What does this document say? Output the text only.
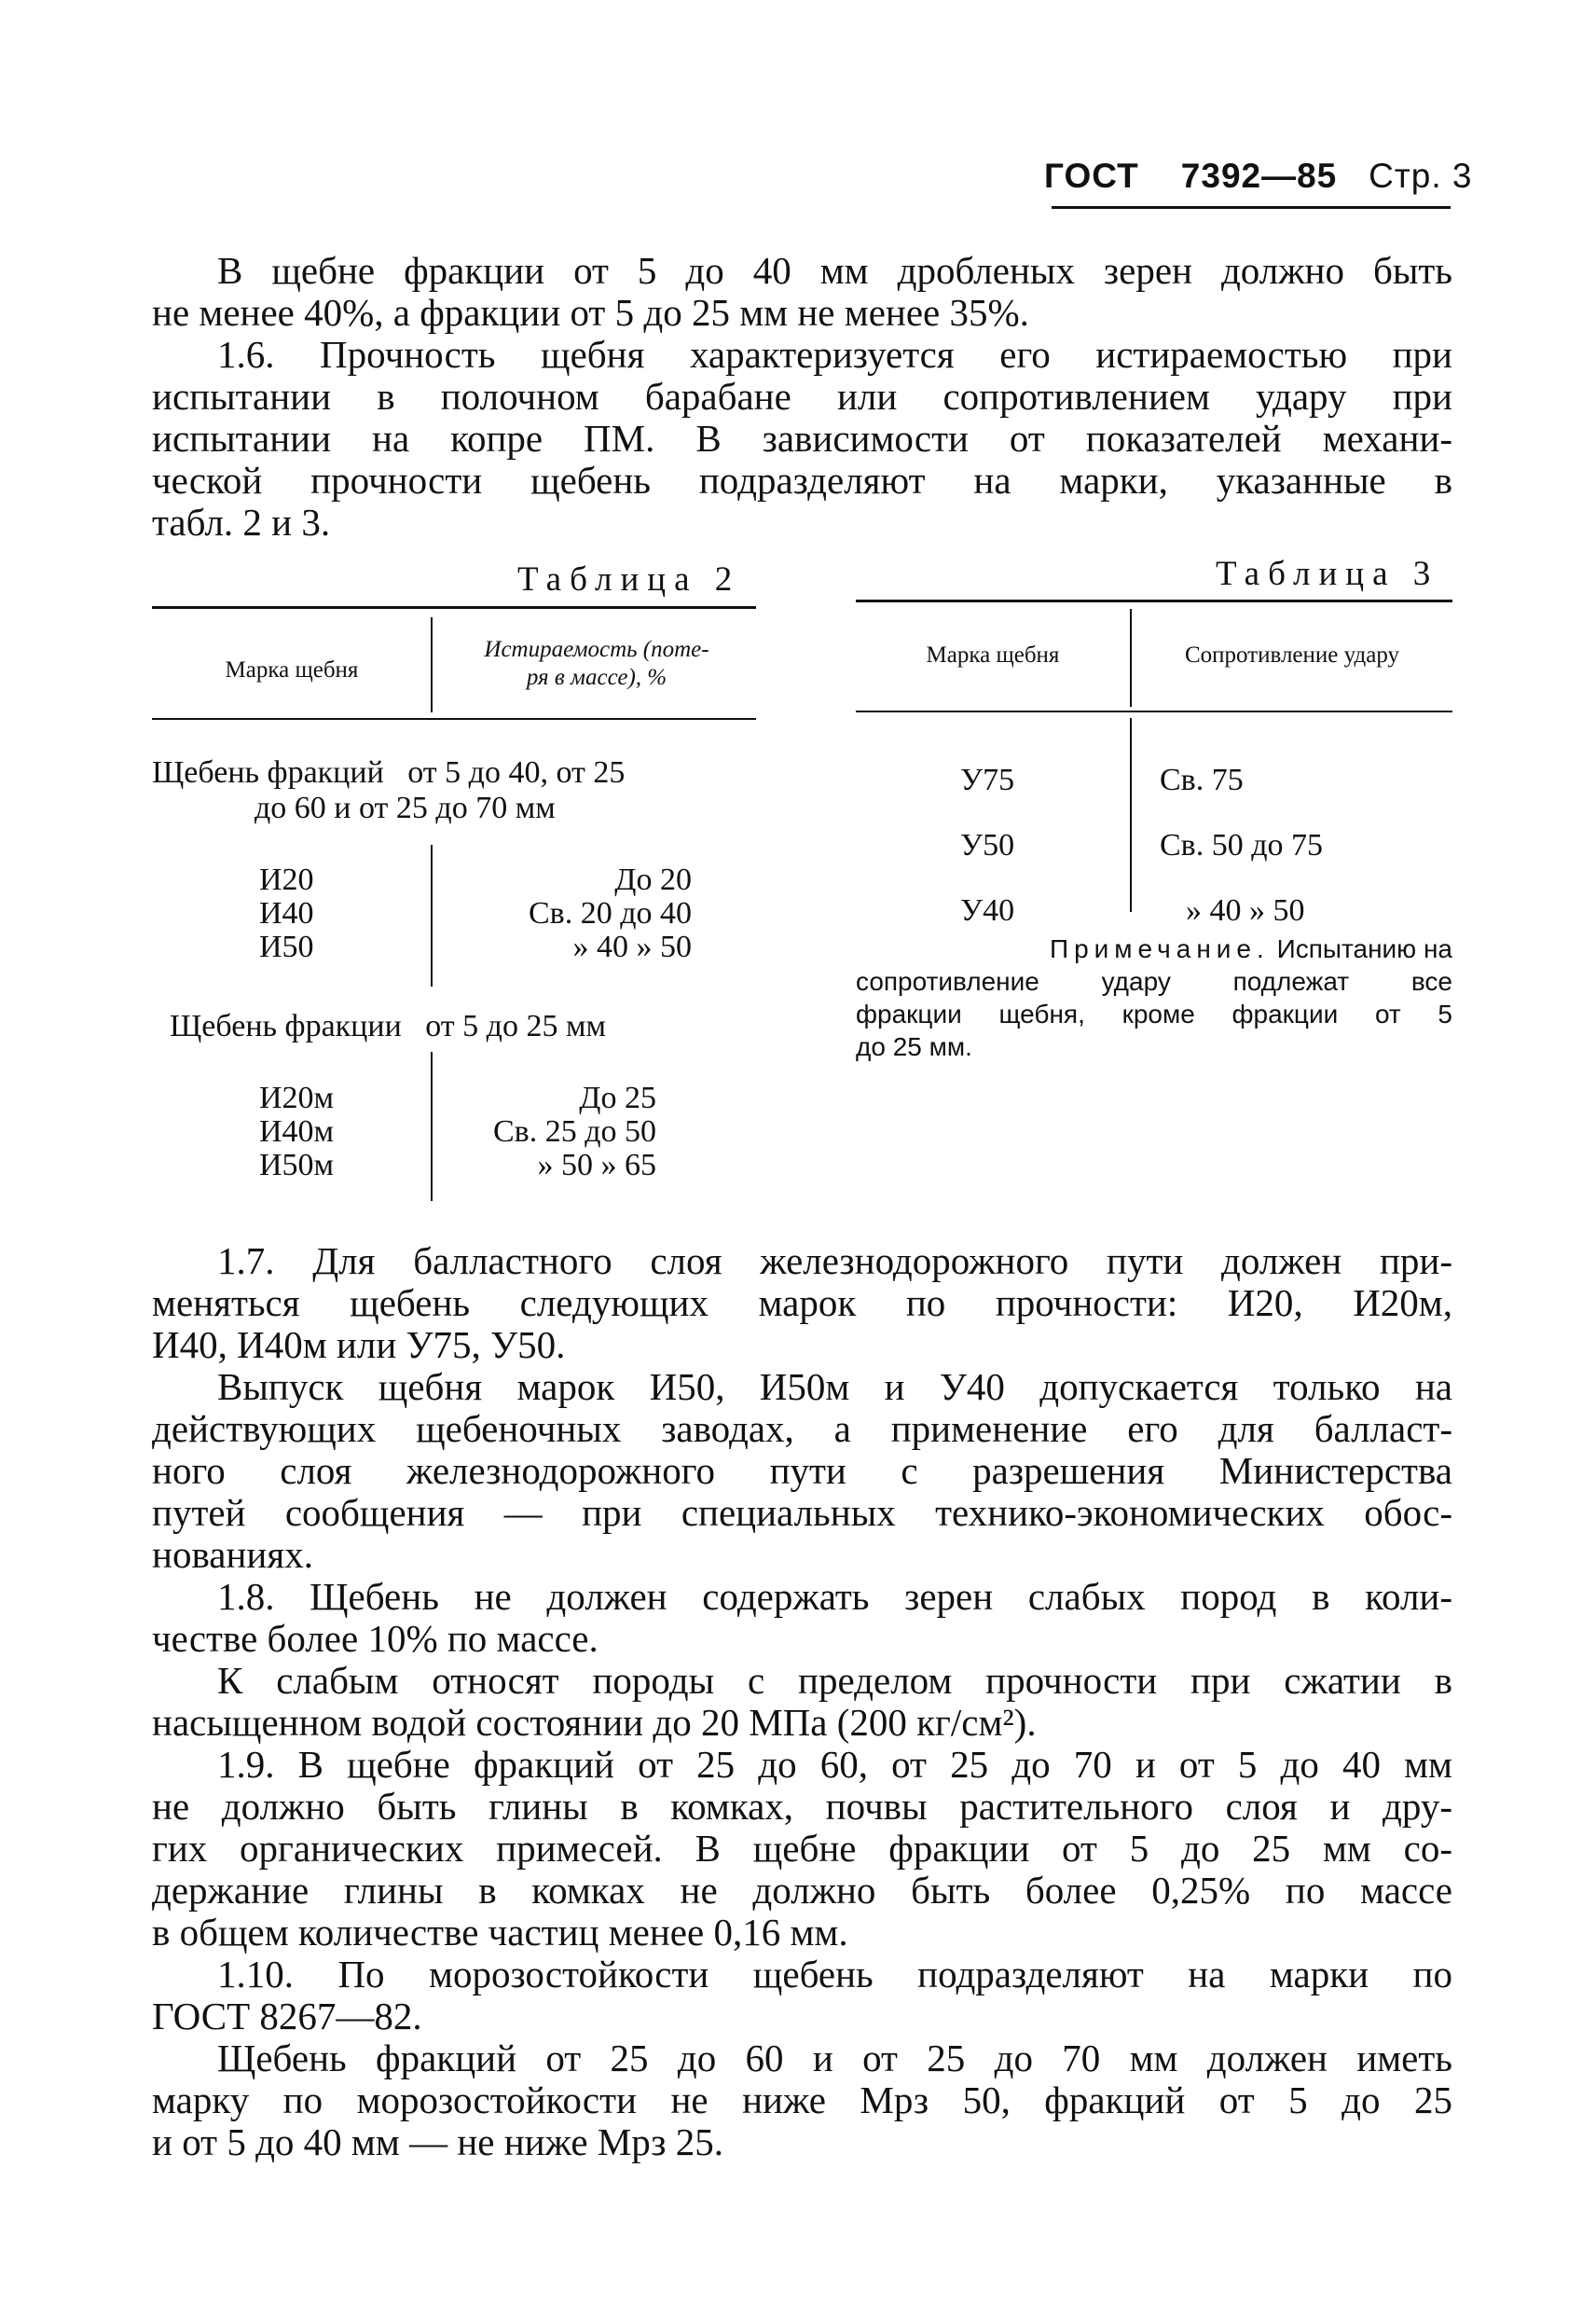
ГОСТ 7392—85 Стр. 3
В щебне фракции от 5 до 40 мм дробленых зерен должно быть
не менее 40%, а фракции от 5 до 25 мм не менее 35%.
1.6. Прочность щебня характеризуется его истираемостью при
испытании в полочном барабане или сопротивлением удару при
испытании на копре ПМ. В зависимости от показателей механи-
ческой прочности щебень подразделяют на марки, указанные в
табл. 2 и 3.
Таблица 2
Марка щебня
Истираемость (поте-
ря в массе), %
Щебень фракций   от 5 до 40, от 25
до 60 и от 25 до 70 мм
И20
И40
И50
До 20
Св. 20 до 40
» 40 » 50
Щебень фракции   от 5 до 25 мм
И20м
И40м
И50м
До 25
Св. 25 до 50
» 50 » 65
Таблица 3
Марка щебня	Сопротивление удару
У75
У50
У40
Св. 75
Св. 50 до 75
» 40 » 50
Примечание. Испытанию на
сопротивление удару подлежат все
фракции щебня, кроме фракции от 5
до 25 мм.
1.7. Для балластного слоя железнодорожного пути должен при-
меняться щебень следующих марок по прочности: И20, И20м,
И40, И40м или У75, У50.
Выпуск щебня марок И50, И50м и У40 допускается только на
действующих щебеночных заводах, а применение его для балласт-
ного слоя железнодорожного пути с разрешения Министерства
путей сообщения — при специальных технико-экономических обос-
нованиях.
1.8. Щебень не должен содержать зерен слабых пород в коли-
честве более 10% по массе.
К слабым относят породы с пределом прочности при сжатии в
насыщенном водой состоянии до 20 МПа (200 кг/см²).
1.9. В щебне фракций от 25 до 60, от 25 до 70 и от 5 до 40 мм
не должно быть глины в комках, почвы растительного слоя и дру-
гих органических примесей. В щебне фракции от 5 до 25 мм со-
держание глины в комках не должно быть более 0,25% по массе
в общем количестве частиц менее 0,16 мм.
1.10. По морозостойкости щебень подразделяют на марки по
ГОСТ 8267—82.
Щебень фракций от 25 до 60 и от 25 до 70 мм должен иметь
марку по морозостойкости не ниже Мрз 50, фракций от 5 до 25
и от 5 до 40 мм — не ниже Мрз 25.
